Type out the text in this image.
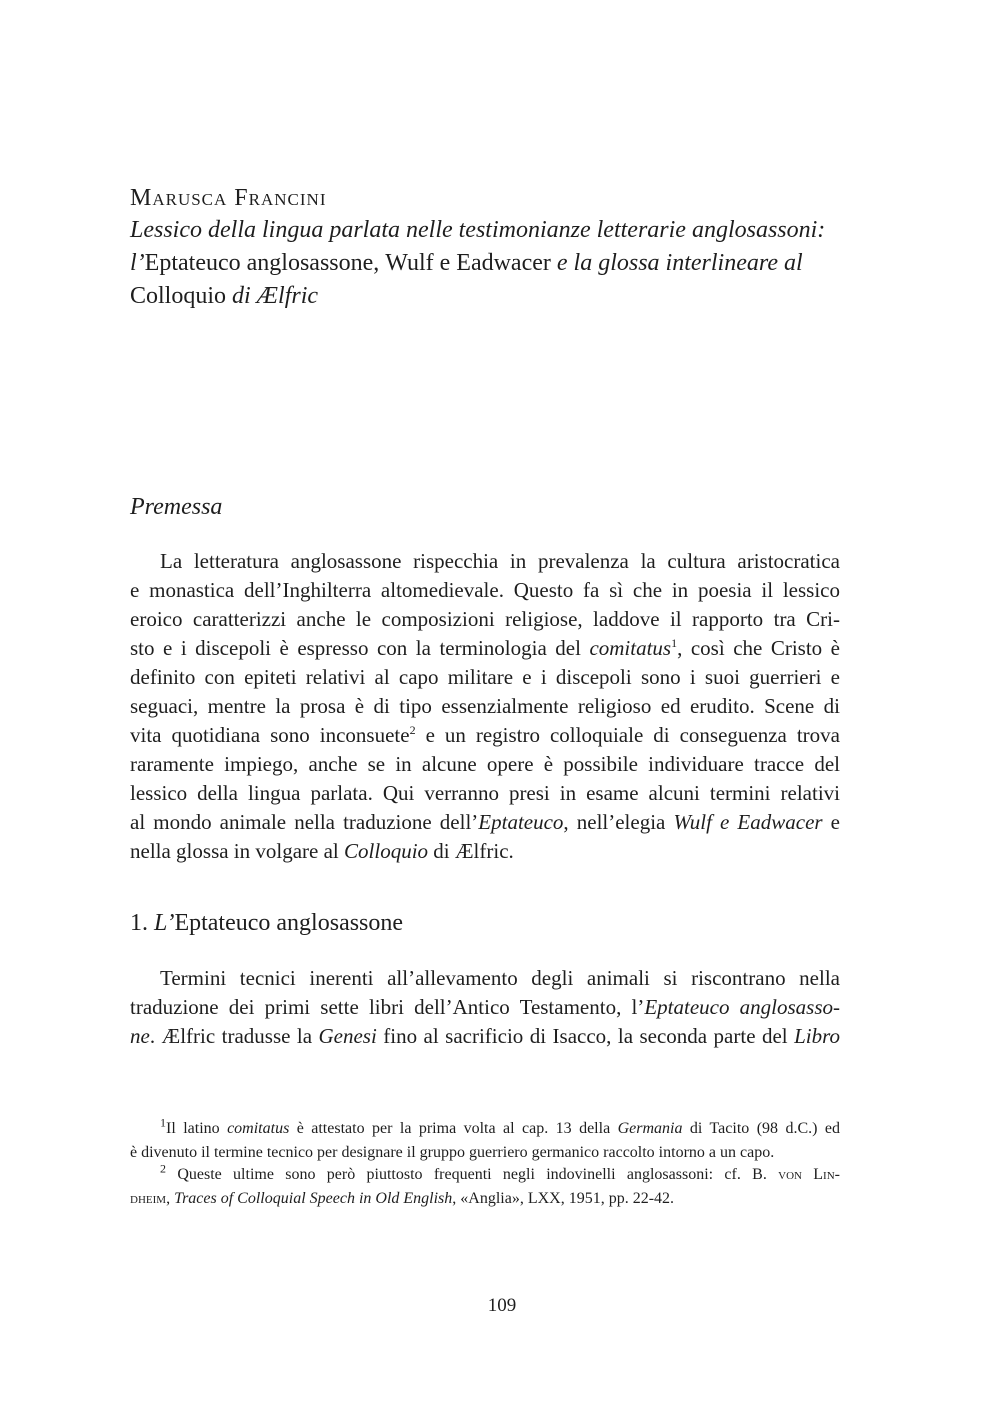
Marusca Francini
Lessico della lingua parlata nelle testimonianze letterarie anglosassoni:
l’Eptateuco anglosassone, Wulf e Eadwacer e la glossa interlineare al
Colloquio di Ælfric
Premessa
La letteratura anglosassone rispecchia in prevalenza la cultura aristocratica
e monastica dell’Inghilterra altomedievale. Questo fa sì che in poesia il lessico
eroico caratterizzi anche le composizioni religiose, laddove il rapporto tra Cri-
sto e i discepoli è espresso con la terminologia del comitatus$^1$, così che Cristo è
definito con epiteti relativi al capo militare e i discepoli sono i suoi guerrieri e
seguaci, mentre la prosa è di tipo essenzialmente religioso ed erudito. Scene di
vita quotidiana sono inconsuete$^2$ e un registro colloquiale di conseguenza trova
raramente impiego, anche se in alcune opere è possibile individuare tracce del
lessico della lingua parlata. Qui verranno presi in esame alcuni termini relativi
al mondo animale nella traduzione dell’Eptateuco, nell’elegia Wulf e Eadwacer e
nella glossa in volgare al Colloquio di Ælfric.
1. L’Eptateuco anglosassone
Termini tecnici inerenti all’allevamento degli animali si riscontrano nella
traduzione dei primi sette libri dell’Antico Testamento, l’Eptateuco anglosasso-
ne. Ælfric tradusse la Genesi fino al sacrificio di Isacco, la seconda parte del Libro
$^1$Il latino comitatus è attestato per la prima volta al cap. 13 della Germania di Tacito (98 d.C.) ed
è divenuto il termine tecnico per designare il gruppo guerriero germanico raccolto intorno a un capo.
$^2$ Queste ultime sono però piuttosto frequenti negli indovinelli anglosassoni: cf. B. von Lin-
dheim, Traces of Colloquial Speech in Old English, «Anglia», LXX, 1951, pp. 22-42.
109
